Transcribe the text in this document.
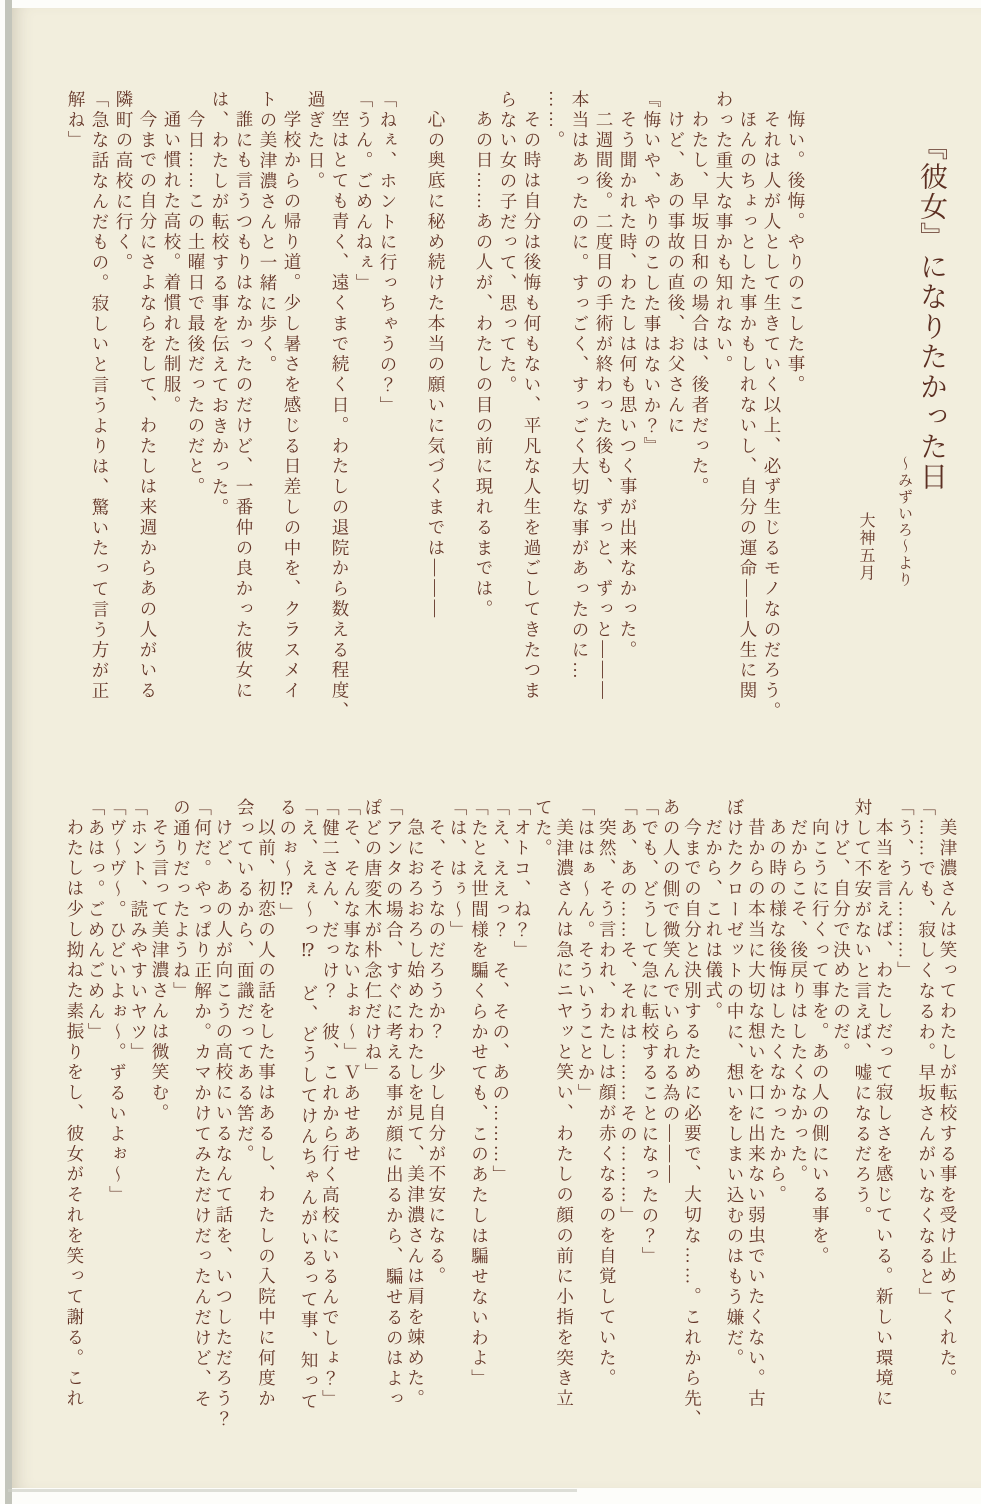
『彼女』になりたかった日
～みずいろ～より
大神五月

悔い。後悔。やりのこした事。

それは人が人として生きていく以上、必ず生じるモノなのだろう。

ほんのちょっとした事かもしれないし、自分の運命――人生に関

わった重大な事かも知れない。

わたし、早坂日和の場合は、後者だった。

けど、あの事故の直後、お父さんに

『悔いや、やりのこした事はないか？』

そう聞かれた時、わたしは何も思いつく事が出来なかった。

二週間後。二度目の手術が終わった後も、ずっと、ずっと―――

本当はあったのに。すっごく、すっごく大切な事があったのに…

……。

その時は自分は後悔も何もない、平凡な人生を過ごしてきたつま

らない女の子だって、思ってた。

あの日……あの人が、わたしの目の前に現れるまでは。

心の奥底に秘め続けた本当の願いに気づくまでは―――

「ねぇ、ホントに行っちゃうの？」

「うん。ごめんねぇ」

空はとても青く、遠くまで続く日。わたしの退院から数える程度、

過ぎた日。

学校からの帰り道。少し暑さを感じる日差しの中を、クラスメイ

トの美津濃さんと一緒に歩く。

誰にも言うつもりはなかったのだけど、一番仲の良かった彼女に

は、わたしが転校する事を伝えておきかった。

今日……この土曜日で最後だったのだと。

通い慣れた高校。着慣れた制服。

今までの自分にさよならをして、わたしは来週からあの人がいる

隣町の高校に行く。

「急な話なんだもの。寂しいと言うよりは、驚いたって言う方が正

解ね」

美津濃さんは笑ってわたしが転校する事を受け止めてくれた。

「……でも、寂しくなるわ。早坂さんがいなくなると」

「う、うん………」

本当を言えば、わたしだって寂しさを感じている。新しい環境に

対して不安がないと言えば、嘘になるだろう。

けど、自分で決めたのだ。

向こうに行くって事を。あの人の側にいる事を。

だからこそ、後戻りはしたくなかった。

あの時の様な後悔はしたくなかったから。

昔からの本当に大切な想いを口に出来ない弱虫でいたくない。古

ぼけたクローゼットの中に、想いをしまい込むのはもう嫌だ。

だから、これは儀式。

今までの自分と決別するために必要で、大切な……。これから先、

あの人の側で微笑んでいられる為の―――

「でも、どうして急に転校することになったの？」

「あ、あの……そ、それは………その………」

突然、そう言われ、わたしは顔が赤くなるのを自覚していた。

「ははぁ～ん。そういうことか」

美津濃さんは急にニヤッと笑い、わたしの顔の前に小指を突き立

てた。

「オトコ、ね？」

「え、ええっ？　そ、その、あの………」

「たとえ世間様を騙くらかせても、このあたしは騙せないわよ」

「は、はぅ～」

そ、そうなのだろうか？　少し自分が不安になる。

急におろおろし始めたわたしを見て、美津濃さんは肩を竦めた。

「アンタの場合、すぐに考える事が顔に出るから、騙せるのはよっ

ぽどの唐変木が朴念仁だけね」

「そ、そんな事ないよぉ～」Ｖあせあせ

「健二さん、だっけ？　彼、これから行く高校にいるんでしょ？」

「え、えぇ～っ⁉　ど、どうしてけんちゃんがいるって事、知って

るのぉ～⁉」

以前、初恋の人の話をした事はあるし、わたしの入院中に何度か

会っているから、面識だってある筈だ。

けど、あの人が向こうの高校にいるなんて話を、いつしただろう？

「何だ。やっぱり正解か。カマかけてみただけだったんだけど、そ

の通りだったようね」

そう言って美津濃さんは微笑む。

「ホント、読みやすいヤツ」

「ヴ～ヴ～。ひどいよぉ～。ずるいよぉ～」

「あはっ。ごめんごめん」

わたしは少し拗ねた素振りをし、彼女がそれを笑って謝る。これ
